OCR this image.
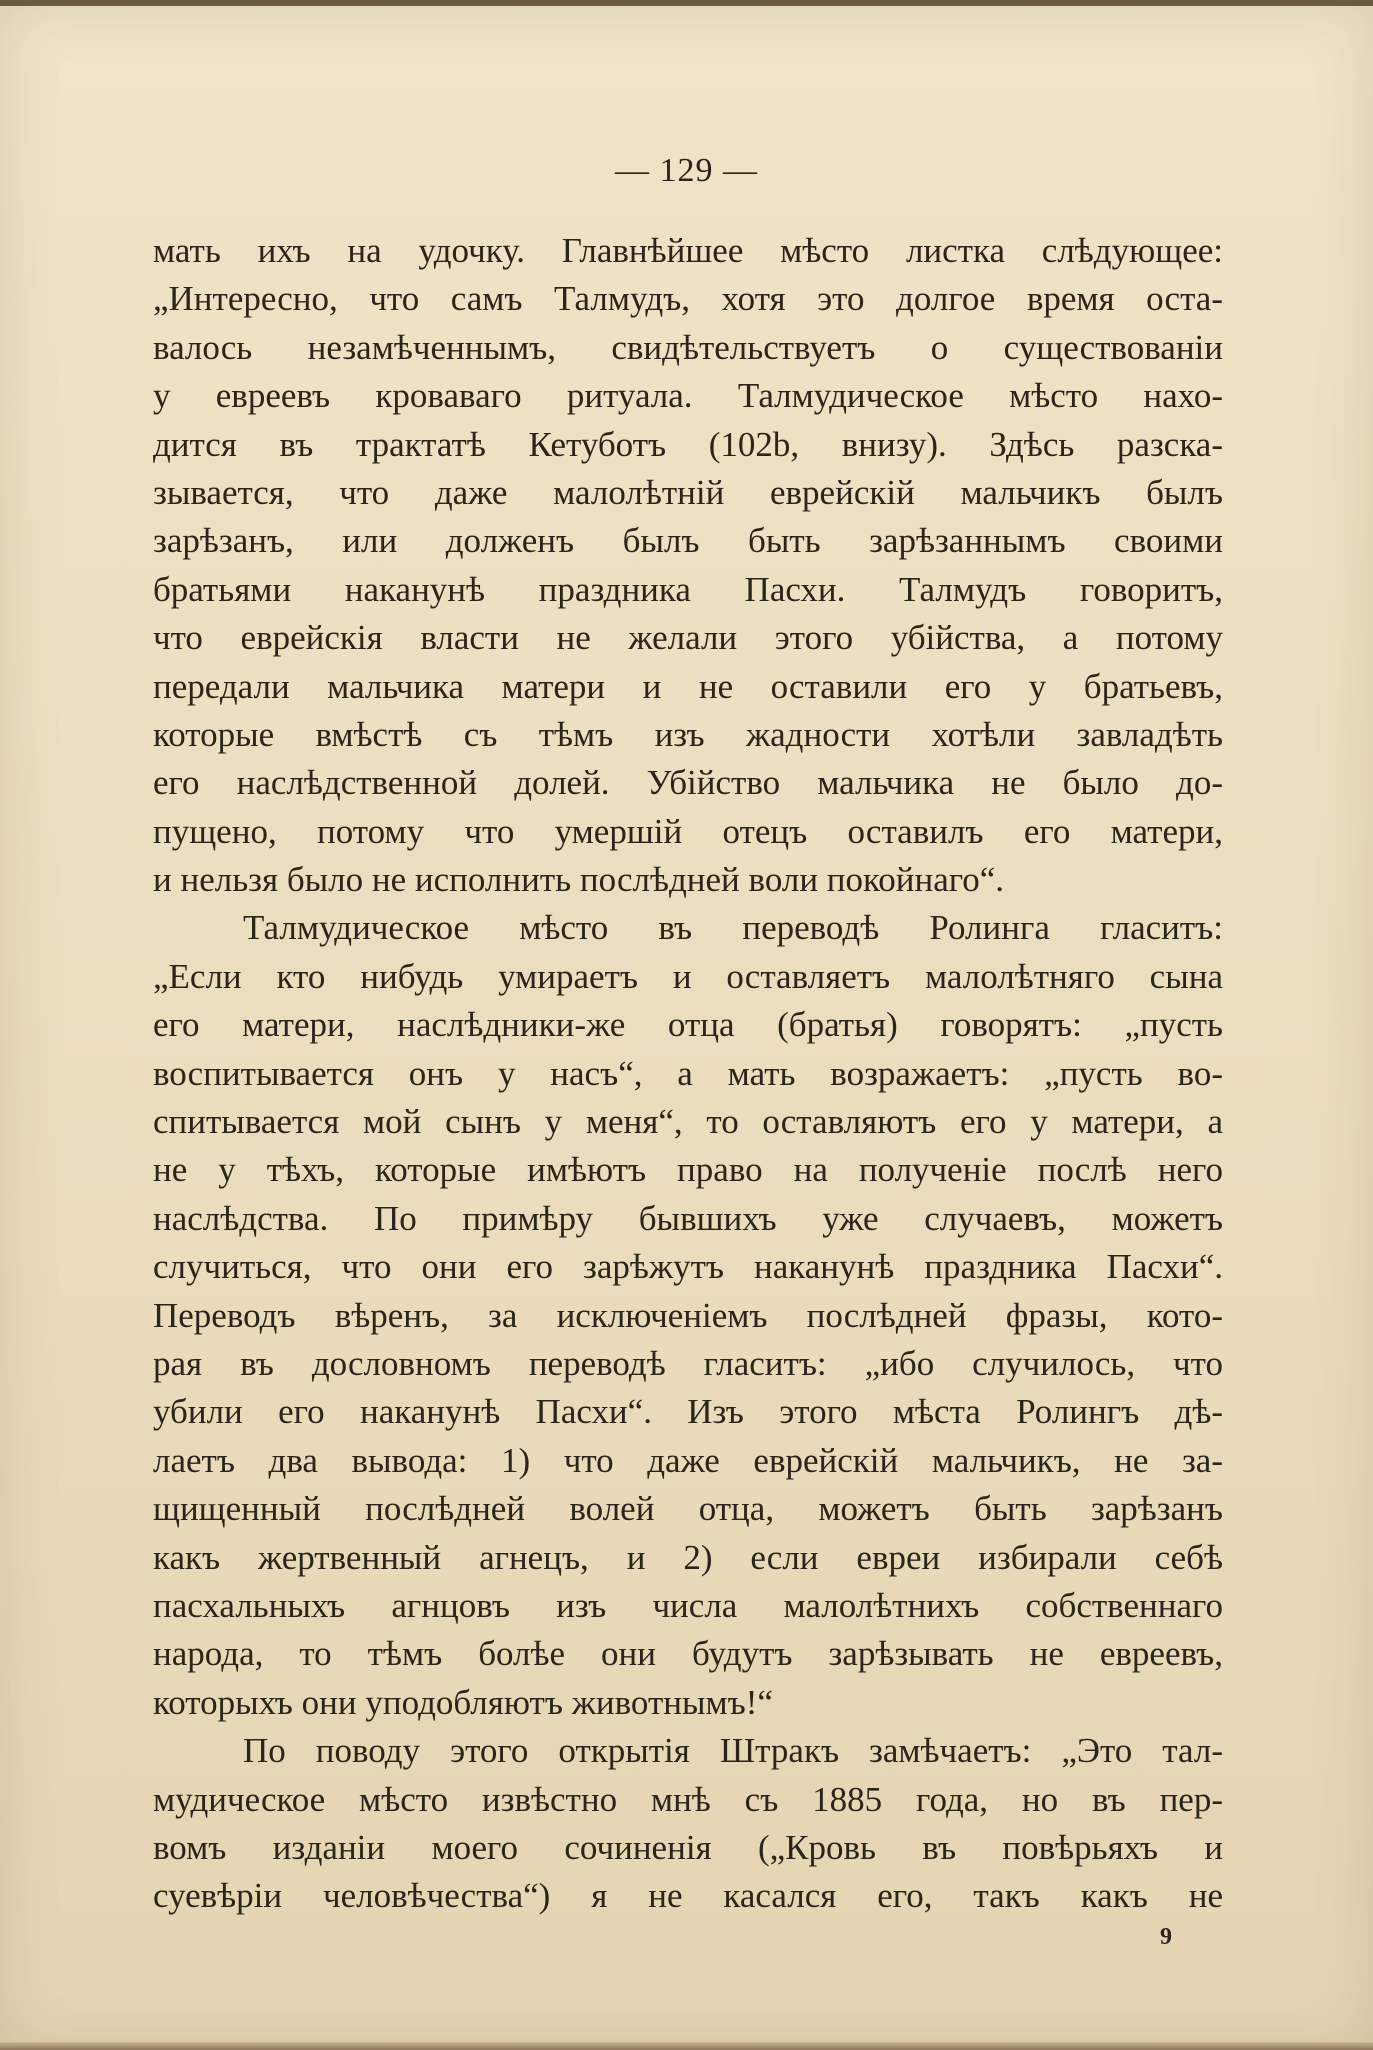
— 129 —
мать ихъ на удочку. Главнѣйшее мѣсто листка слѣдующее:
„Интересно, что самъ Талмудъ, хотя это долгое время оста-
валось незамѣченнымъ, свидѣтельствуетъ о существованіи
у евреевъ кроваваго ритуала. Талмудическое мѣсто нахо-
дится въ трактатѣ Кетуботъ (102b, внизу). Здѣсь разска-
зывается, что даже малолѣтній еврейскій мальчикъ былъ
зарѣзанъ, или долженъ былъ быть зарѣзаннымъ своими
братьями наканунѣ праздника Пасхи. Талмудъ говоритъ,
что еврейскія власти не желали этого убійства, а потому
передали мальчика матери и не оставили его у братьевъ,
которые вмѣстѣ съ тѣмъ изъ жадности хотѣли завладѣть
его наслѣдственной долей. Убійство мальчика не было до-
пущено, потому что умершій отецъ оставилъ его матери,
и нельзя было не исполнить послѣдней воли покойнаго“.
Талмудическое мѣсто въ переводѣ Ролинга гласитъ:
„Если кто нибудь умираетъ и оставляетъ малолѣтняго сына
его матери, наслѣдники-же отца (братья) говорятъ: „пусть
воспитывается онъ у насъ“, а мать возражаетъ: „пусть во-
спитывается мой сынъ у меня“, то оставляютъ его у матери, а
не у тѣхъ, которые имѣютъ право на полученіе послѣ него
наслѣдства. По примѣру бывшихъ уже случаевъ, можетъ
случиться, что они его зарѣжутъ наканунѣ праздника Пасхи“.
Переводъ вѣренъ, за исключеніемъ послѣдней фразы, кото-
рая въ дословномъ переводѣ гласитъ: „ибо случилось, что
убили его наканунѣ Пасхи“. Изъ этого мѣста Ролингъ дѣ-
лаетъ два вывода: 1) что даже еврейскій мальчикъ, не за-
щищенный послѣдней волей отца, можетъ быть зарѣзанъ
какъ жертвенный агнецъ, и 2) если евреи избирали себѣ
пасхальныхъ агнцовъ изъ числа малолѣтнихъ собственнаго
народа, то тѣмъ болѣе они будутъ зарѣзывать не евреевъ,
которыхъ они уподобляютъ животнымъ!“
По поводу этого открытія Штракъ замѣчаетъ: „Это тал-
мудическое мѣсто извѣстно мнѣ съ 1885 года, но въ пер-
вомъ изданіи моего сочиненія („Кровь въ повѣрьяхъ и
суевѣріи человѣчества“) я не касался его, такъ какъ не
9
